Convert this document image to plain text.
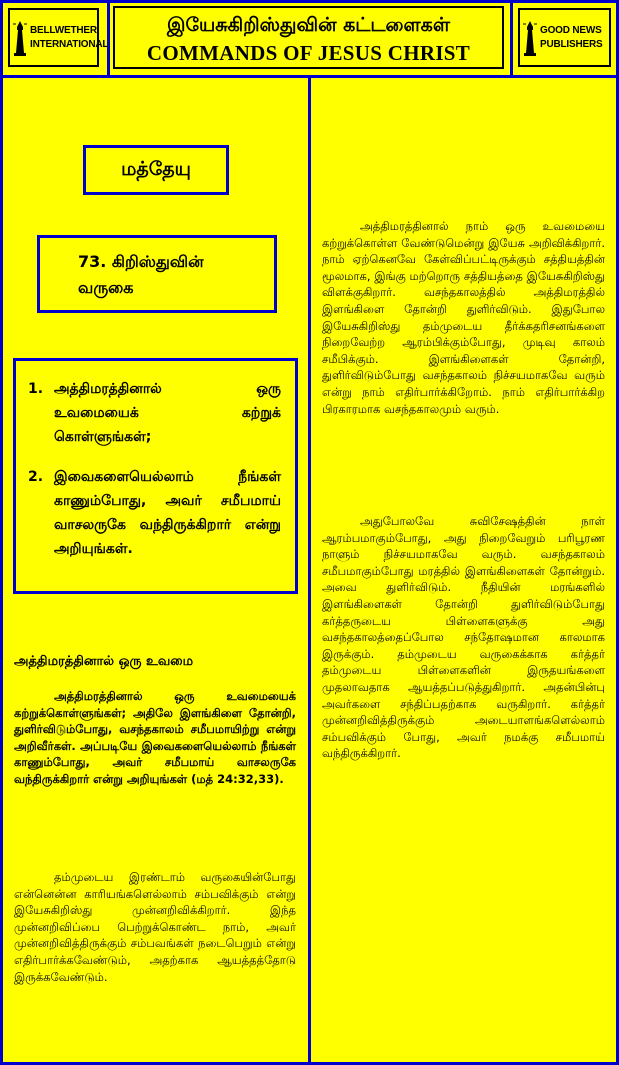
BELLWETHER
INTERNATIONAL
இயேசுகிறிஸ்துவின் கட்டளைகள்
COMMANDS OF JESUS CHRIST
GOOD NEWS
PUBLISHERS
மத்தேயு
73. கிறிஸ்துவின்
வருகை
1. அத்திமரத்தினால் ஒரு உவமையைக் கற்றுக் கொள்ளுங்கள்;
2. இவைகளையெல்லாம் நீங்கள் காணும்போது, அவர் சமீபமாய் வாசலருகே வந்திருக்கிறார் என்று அறியுங்கள்.
அத்திமரத்தினால் ஒரு உவமை
அத்திமரத்தினால் ஒரு உவமையைக் கற்றுக்கொள்ளுங்கள்; அதிலே இளங்கிளை தோன்றி, துளிர்விடும்போது, வசந்தகாலம் சமீபமாயிற்று என்று அறிவீர்கள். அப்படியே இவைகளையெல்லாம் நீங்கள் காணும்போது, அவர் சமீபமாய் வாசலருகே வந்திருக்கிறார் என்று அறியுங்கள் (மத் 24:32,33).
தம்முடைய இரண்டாம் வருகையின்போது என்னென்ன காரியங்களெல்லாம் சம்பவிக்கும் என்று இயேசுகிறிஸ்து முன்னறிவிக்கிறார். இந்த முன்னறிவிப்பை பெற்றுக்கொண்ட நாம், அவர் முன்னறிவித்திருக்கும் சம்பவங்கள் நடைபெறும் என்று எதிர்பார்க்கவேண்டும், அதற்காக ஆயத்தத்தோடு இருக்கவேண்டும்.
அத்திமரத்தினால் நாம் ஒரு உவமையை கற்றுக்கொள்ள வேண்டுமென்று இயேசு அறிவிக்கிறார். நாம் ஏற்கெனவே கேள்விப்பட்டிருக்கும் சத்தியத்தின் மூலமாக, இங்கு மற்றொரு சத்தியத்தை இயேசுகிறிஸ்து விளக்குகிறார். வசந்தகாலத்தில் அத்திமரத்தில் இளங்கிளை தோன்றி துளிர்விடும். இதுபோல இயேசுகிறிஸ்து தம்முடைய தீர்க்கதரிசனங்களை நிறைவேற்ற ஆரம்பிக்கும்போது, முடிவு காலம் சமீபிக்கும். இளங்கிளைகள் தோன்றி, துளிர்விடும்போது வசந்தகாலம் நிச்சயமாகவே வரும் என்று நாம் எதிர்பார்க்கிறோம். நாம் எதிர்பார்க்கிற பிரகாரமாக வசந்தகாலமும் வரும்.
அதுபோலவே சுவிசேஷத்தின் நாள் ஆரம்பமாகும்போது, அது நிறைவேறும் பரிபூரண நாளும் நிச்சயமாகவே வரும். வசந்தகாலம் சமீபமாகும்போது மரத்தில் இளங்கிளைகள் தோன்றும். அவை துளிர்விடும். நீதியின் மரங்களில் இளங்கிளைகள் தோன்றி துளிர்விடும்போது கர்த்தருடைய பிள்ளைகளுக்கு அது வசந்தகாலத்தைப்போல சந்தோஷமான காலமாக இருக்கும். தம்முடைய வருகைக்காக கர்த்தர் தம்முடைய பிள்ளைகளின் இருதயங்களை முதலாவதாக ஆயத்தப்படுத்துகிறார். அதன்பின்பு அவர்களை சந்திப்பதற்காக வருகிறார். கர்த்தர் முன்னறிவித்திருக்கும் அடையாளங்களெல்லாம் சம்பவிக்கும் போது, அவர் நமக்கு சமீபமாய் வந்திருக்கிறார்.
